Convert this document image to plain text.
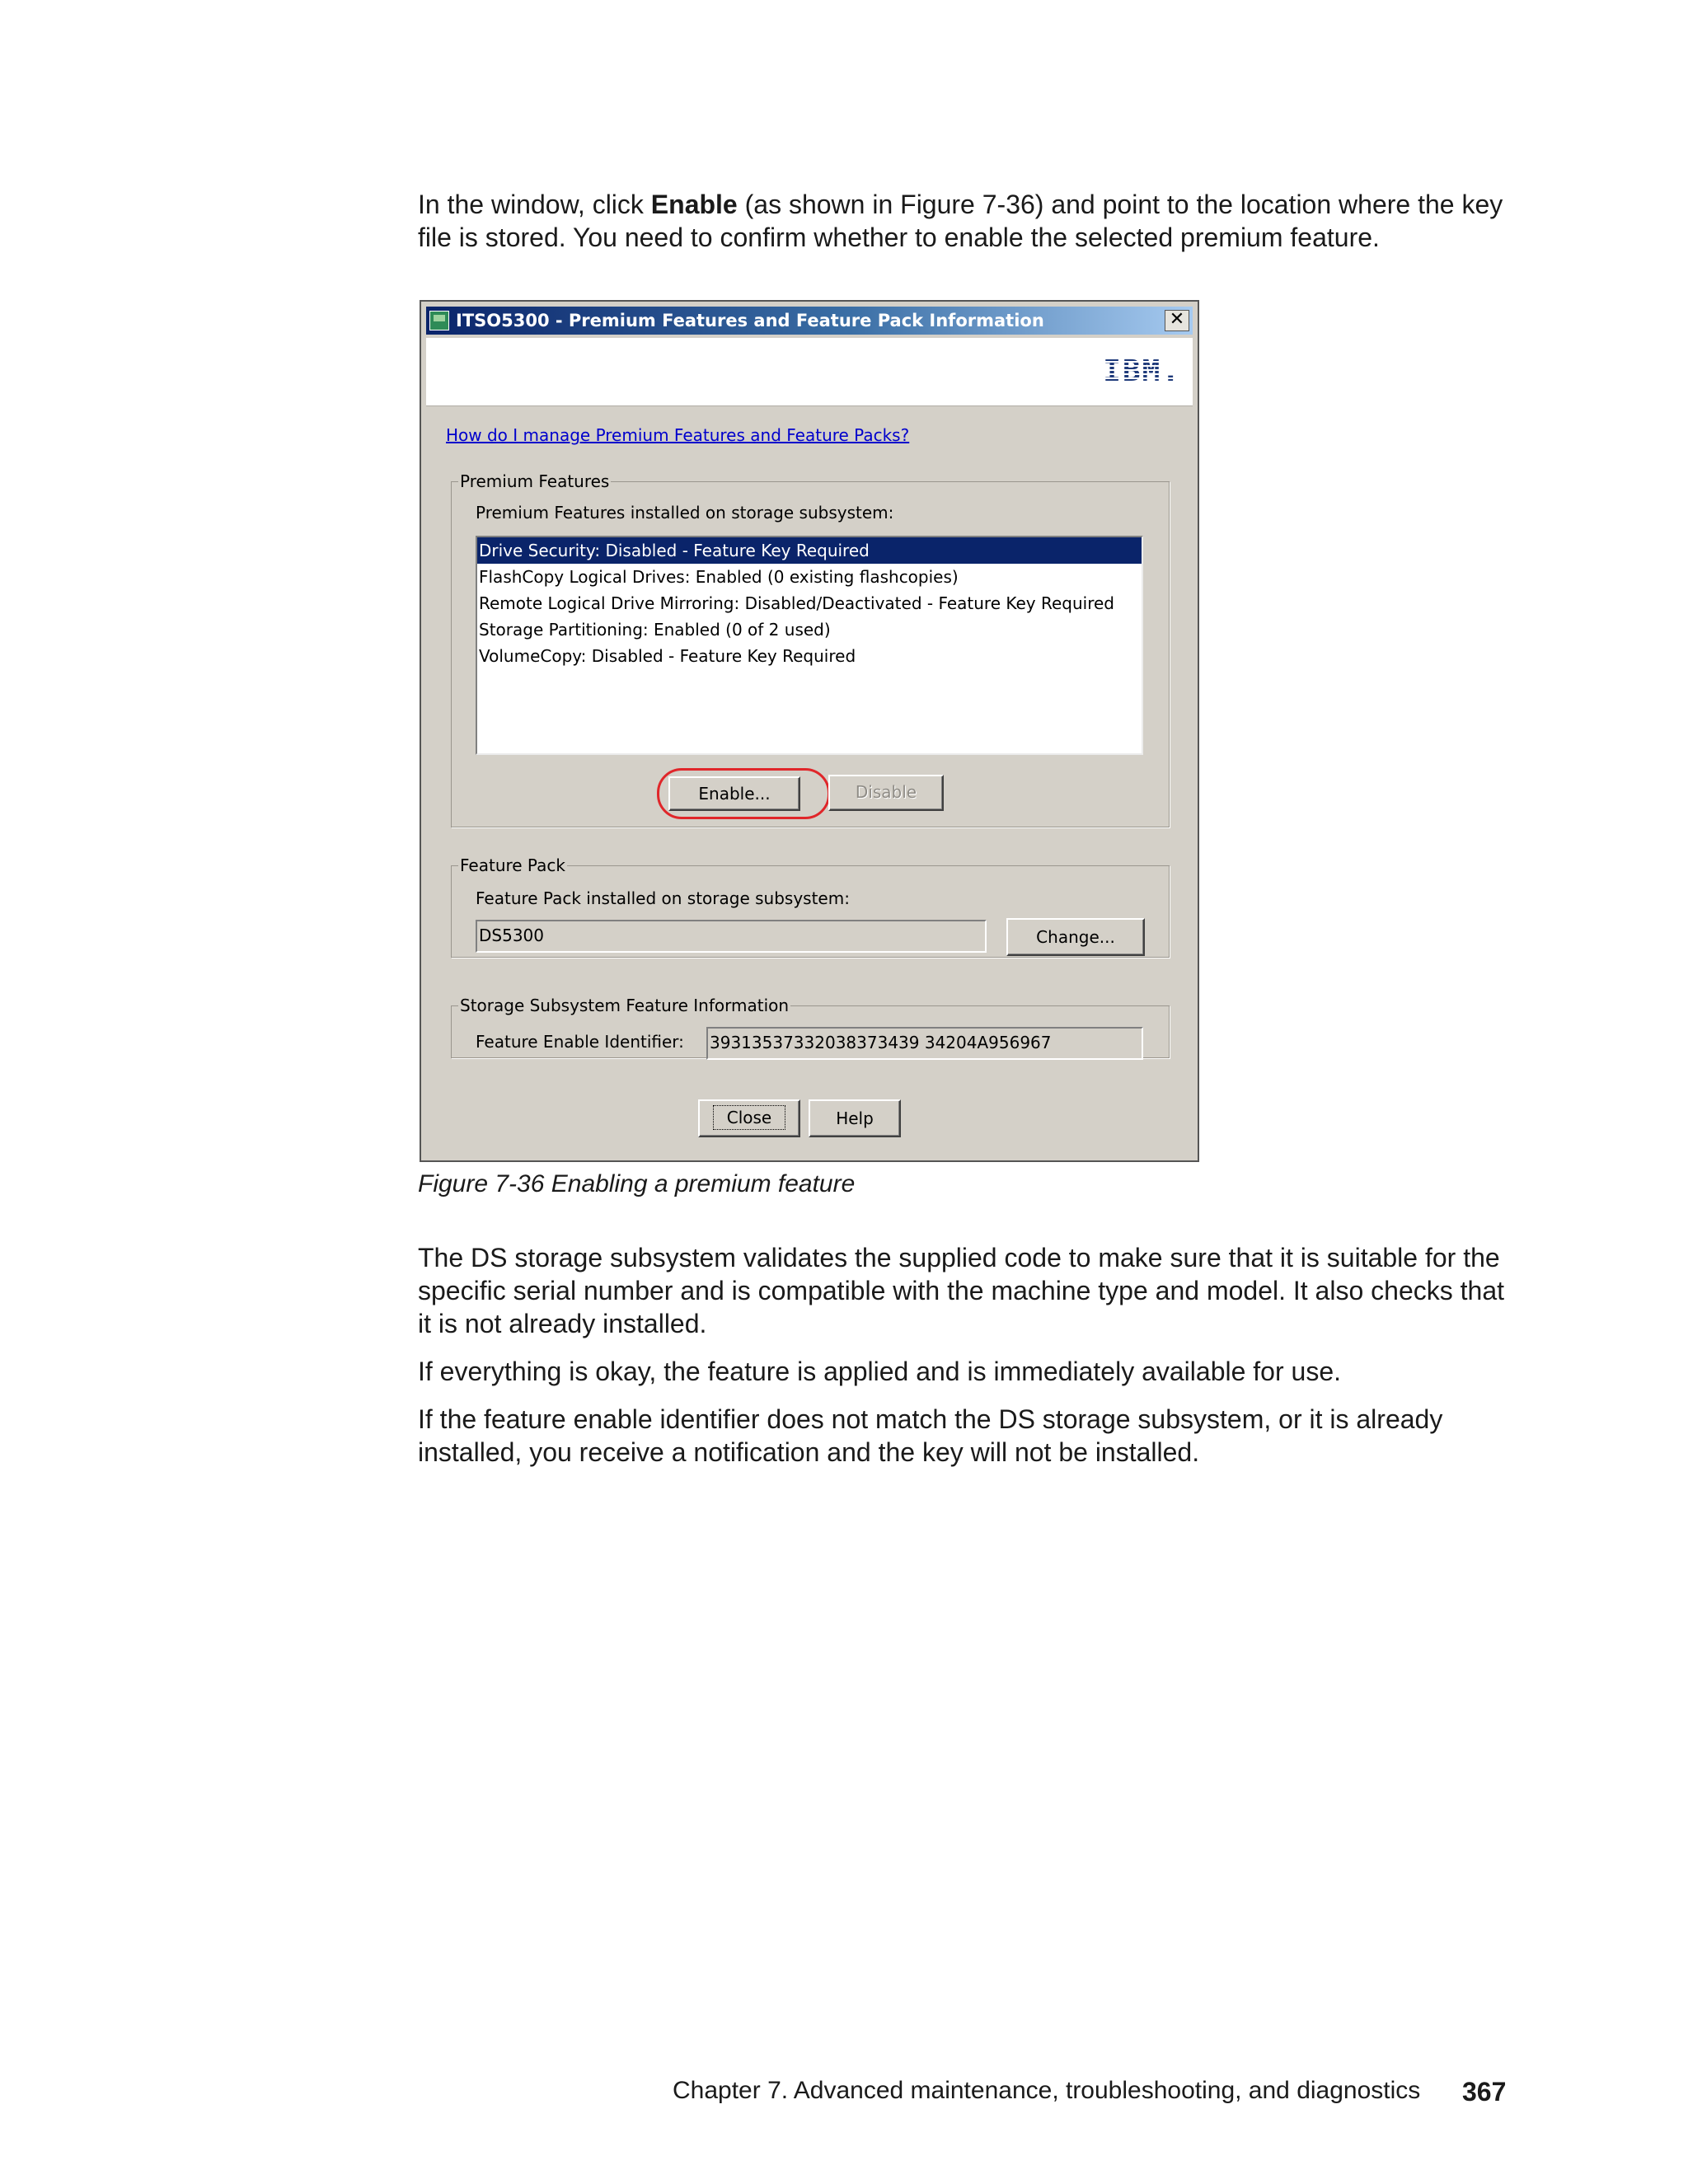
In the window, click Enable (as shown in Figure 7-36) and point to the location where the key file is stored. You need to confirm whether to enable the selected premium feature.

ITSO5300 - Premium Features and Feature Pack Information	✕
IBM.
How do I manage Premium Features and Feature Packs?
Premium Features
Premium Features installed on storage subsystem:
Drive Security: Disabled - Feature Key Required
FlashCopy Logical Drives: Enabled (0 existing flashcopies)
Remote Logical Drive Mirroring: Disabled/Deactivated - Feature Key Required
Storage Partitioning: Enabled (0 of 2 used)
VolumeCopy: Disabled - Feature Key Required
Enable...	Disable
Feature Pack
Feature Pack installed on storage subsystem:
DS5300	Change...
Storage Subsystem Feature Information
Feature Enable Identifier: 39313537332038373439 34204A956967
Close	Help
Figure 7-36 Enabling a premium feature

The DS storage subsystem validates the supplied code to make sure that it is suitable for the specific serial number and is compatible with the machine type and model. It also checks that it is not already installed.

If everything is okay, the feature is applied and is immediately available for use.

If the feature enable identifier does not match the DS storage subsystem, or it is already installed, you receive a notification and the key will not be installed.

Chapter 7. Advanced maintenance, troubleshooting, and diagnostics 367
